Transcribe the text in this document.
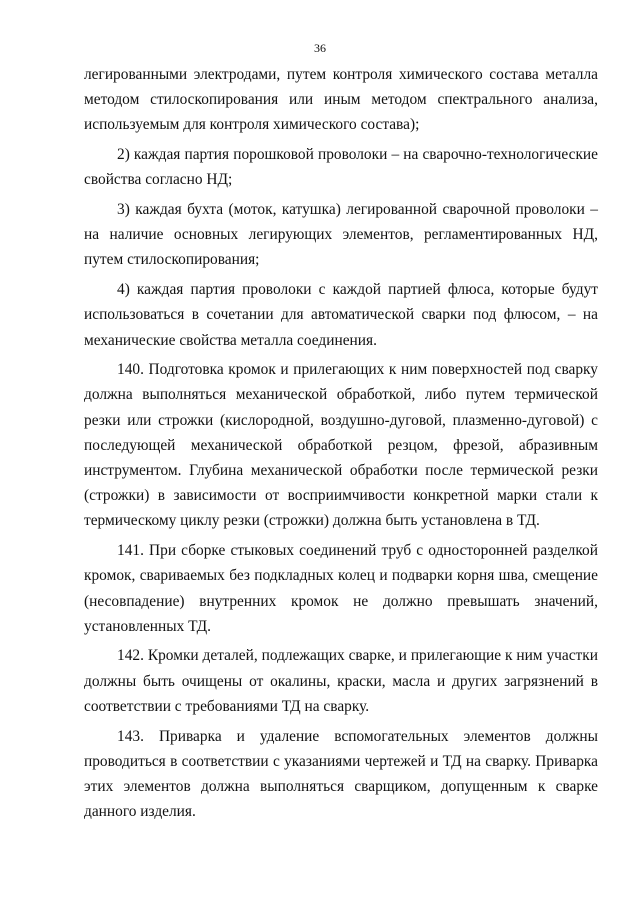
36

легированными электродами, путем контроля химического состава металла методом стилоскопирования или иным методом спектрального анализа, используемым для контроля химического состава);

2) каждая партия порошковой проволоки – на сварочно-технологические свойства согласно НД;

3) каждая бухта (моток, катушка) легированной сварочной проволоки – на наличие основных легирующих элементов, регламентированных НД, путем стилоскопирования;

4) каждая партия проволоки с каждой партией флюса, которые будут использоваться в сочетании для автоматической сварки под флюсом, – на механические свойства металла соединения.

140. Подготовка кромок и прилегающих к ним поверхностей под сварку должна выполняться механической обработкой, либо путем термической резки или строжки (кислородной, воздушно-дуговой, плазменно-дуговой) с последующей механической обработкой резцом, фрезой, абразивным инструментом. Глубина механической обработки после термической резки (строжки) в зависимости от восприимчивости конкретной марки стали к термическому циклу резки (строжки) должна быть установлена в ТД.

141. При сборке стыковых соединений труб с односторонней разделкой кромок, свариваемых без подкладных колец и подварки корня шва, смещение (несовпадение) внутренних кромок не должно превышать значений, установленных ТД.

142. Кромки деталей, подлежащих сварке, и прилегающие к ним участки должны быть очищены от окалины, краски, масла и других загрязнений в соответствии с требованиями ТД на сварку.

143. Приварка и удаление вспомогательных элементов должны проводиться в соответствии с указаниями чертежей и ТД на сварку. Приварка этих элементов должна выполняться сварщиком, допущенным к сварке данного изделия.
